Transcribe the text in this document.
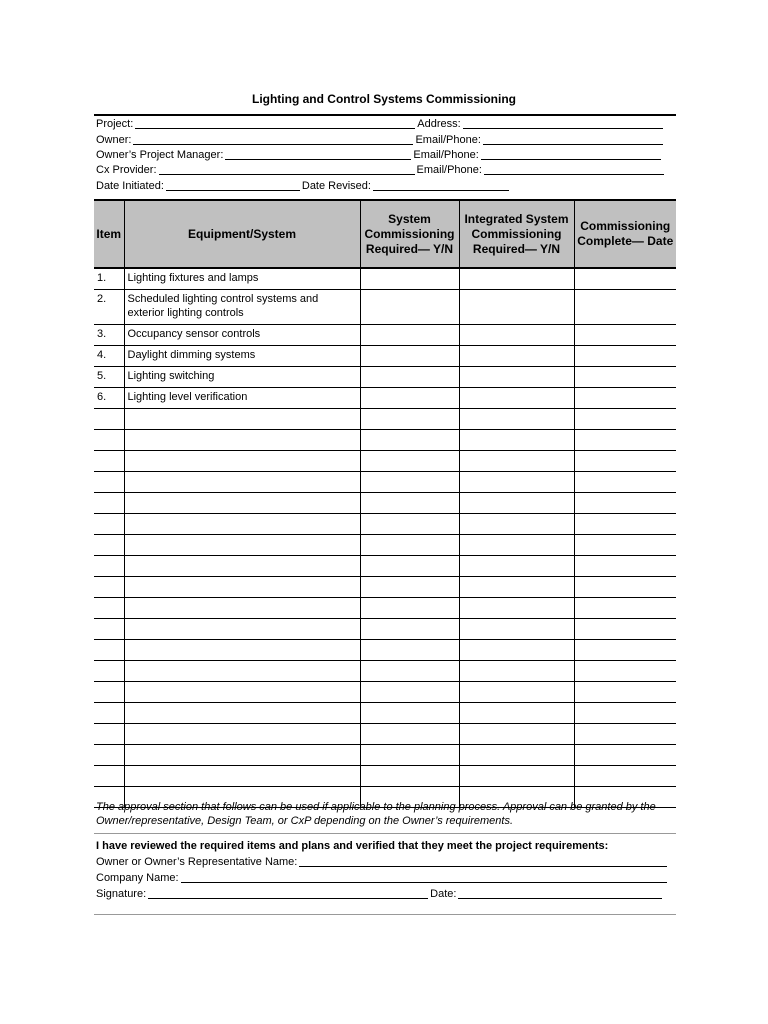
Lighting and Control Systems Commissioning
Project:	Address:
Owner:	Email/Phone:
Owner’s Project Manager:	Email/Phone:
Cx Provider:	Email/Phone:
Date Initiated:	Date Revised:
Item	Equipment/System	System Commissioning Required— Y/N	Integrated System Commissioning Required— Y/N	Commissioning Complete— Date
1.	Lighting fixtures and lamps			
2.	Scheduled lighting control systems and exterior lighting controls			
3.	Occupancy sensor controls			
4.	Daylight dimming systems			
5.	Lighting switching			
6.	Lighting level verification			

The approval section that follows can be used if applicable to the planning process. Approval can be granted by the Owner/representative, Design Team, or CxP depending on the Owner’s requirements.
I have reviewed the required items and plans and verified that they meet the project requirements:
Owner or Owner’s Representative Name:
Company Name:
Signature:	Date:
